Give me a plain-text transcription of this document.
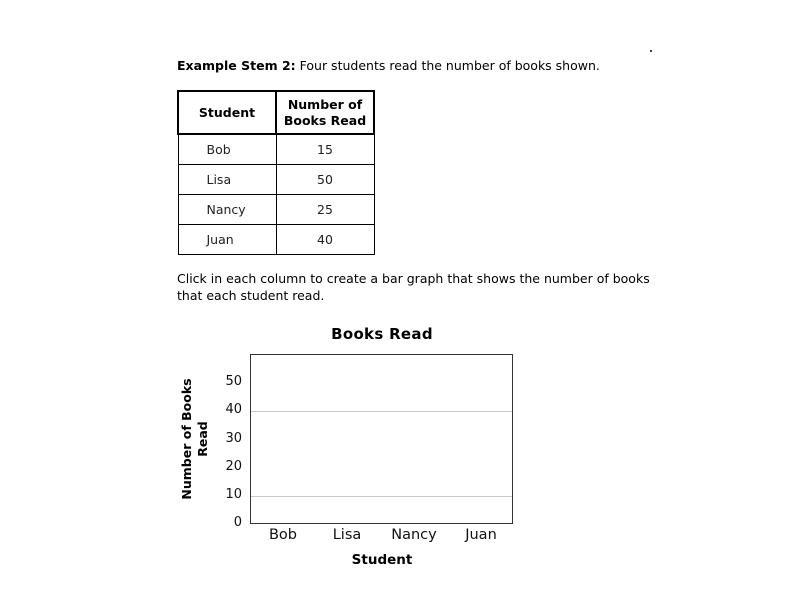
Example Stem 2: Four students read the number of books shown.
Student	Number of Books Read
Bob	15
Lisa	50
Nancy	25
Juan	40
Click in each column to create a bar graph that shows the number of books that each student read.
Books Read
0
10
20
30
40
50
Bob	Lisa	Nancy	Juan
Number of Books Read
Student
